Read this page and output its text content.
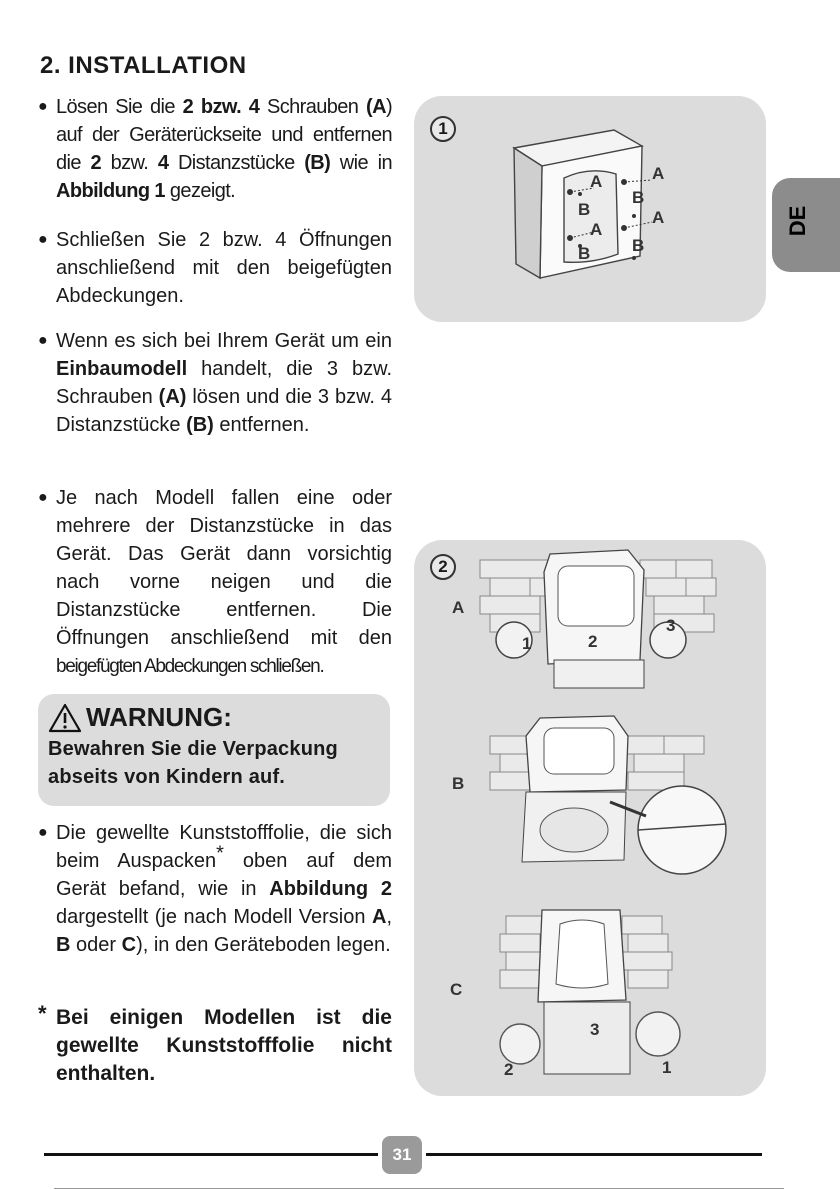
2. INSTALLATION
● Lösen Sie die 2 bzw. 4 Schrauben (A) auf der Geräterückseite und entfernen die 2 bzw. 4 Distanzstücke (B) wie in Abbildung 1 gezeigt.
● Schließen Sie 2 bzw. 4 Öffnungen anschließend mit den beigefügten Abdeckungen.
● Wenn es sich bei Ihrem Gerät um ein Einbaumodell handelt, die 3 bzw. Schrauben (A) lösen und die 3 bzw. 4 Distanzstücke (B) entfernen.
● Je nach Modell fallen eine oder mehrere der Distanzstücke in das Gerät. Das Gerät dann vorsichtig nach vorne neigen und die Distanzstücke entfernen. Die Öffnungen anschließend mit den beigefügten Abdeckungen schließen.
WARNUNG:
Bewahren Sie die Verpackung abseits von Kindern auf.
● Die gewellte Kunststofffolie, die sich beim Auspacken* oben auf dem Gerät befand, wie in Abbildung 2 dargestellt (je nach Modell Version A, B oder C), in den Geräteboden legen.
* Bei einigen Modellen ist die gewellte Kunststofffolie nicht enthalten.
1
A	A
A
A
B
B
B B
2
A
B
C
1	2
3
3
2	1
DE
31
